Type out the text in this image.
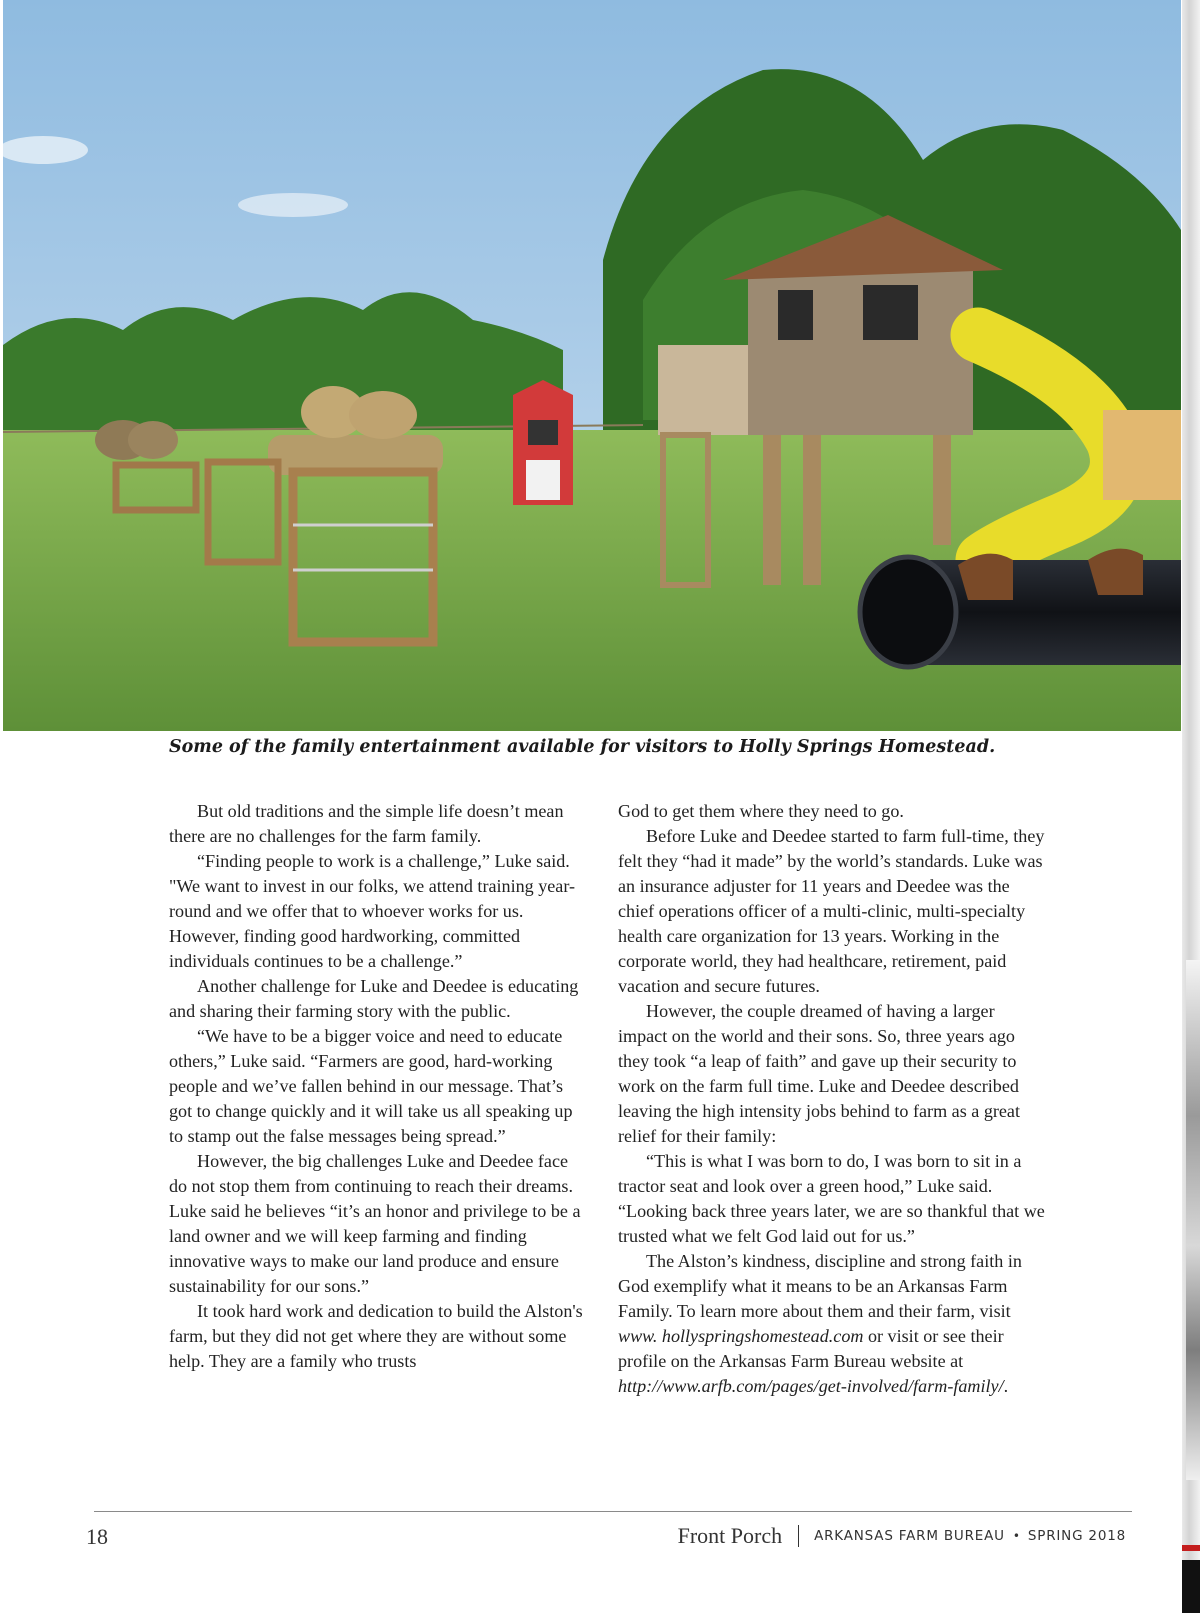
Some of the family entertainment available for visitors to Holly Springs Homestead.

But old traditions and the simple life doesn’t mean there are no challenges for the farm family.

“Finding people to work is a challenge,” Luke said. "We want to invest in our folks, we attend training year-round and we offer that to whoever works for us. However, finding good hardworking, committed individuals continues to be a challenge.”

Another challenge for Luke and Deedee is educating and sharing their farming story with the public.

“We have to be a bigger voice and need to educate others,” Luke said. “Farmers are good, hard-working people and we’ve fallen behind in our message. That’s got to change quickly and it will take us all speaking up to stamp out the false messages being spread.”

However, the big challenges Luke and Deedee face do not stop them from continuing to reach their dreams. Luke said he believes “it’s an honor and privilege to be a land owner and we will keep farming and finding innovative ways to make our land produce and ensure sustainability for our sons.”

It took hard work and dedication to build the Alston's farm, but they did not get where they are without some help. They are a family who trusts

God to get them where they need to go.

Before Luke and Deedee started to farm full-time, they felt they “had it made” by the world’s standards. Luke was an insurance adjuster for 11 years and Deedee was the chief operations officer of a multi-clinic, multi-specialty health care organization for 13 years. Working in the corporate world, they had healthcare, retirement, paid vacation and secure futures.

However, the couple dreamed of having a larger impact on the world and their sons. So, three years ago they took “a leap of faith” and gave up their security to work on the farm full time. Luke and Deedee described leaving the high intensity jobs behind to farm as a great relief for their family:

“This is what I was born to do, I was born to sit in a tractor seat and look over a green hood,” Luke said. “Looking back three years later, we are so thankful that we trusted what we felt God laid out for us.”

The Alston’s kindness, discipline and strong faith in God exemplify what it means to be an Arkansas Farm Family. To learn more about them and their farm, visit www. hollyspringshomestead.com or visit or see their profile on the Arkansas Farm Bureau website at http://www.arfb.com/pages/get-involved/farm-family/.

18	Front Porch ARKANSAS FARM BUREAU • SPRING 2018
